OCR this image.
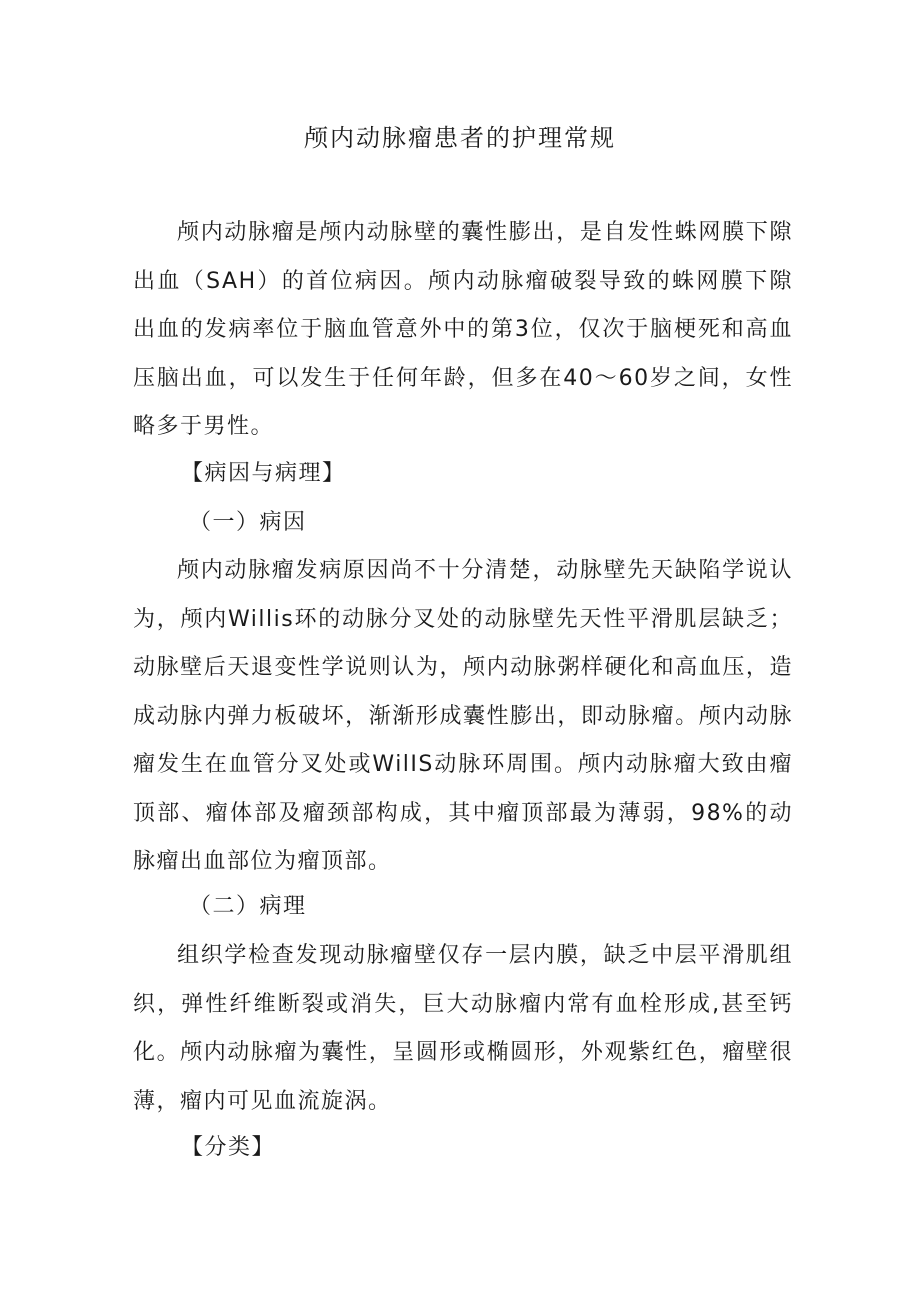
颅内动脉瘤患者的护理常规

颅内动脉瘤是颅内动脉壁的囊性膨出，是自发性蛛网膜下隙出血（SAH）的首位病因。颅内动脉瘤破裂导致的蛛网膜下隙出血的发病率位于脑血管意外中的第3位，仅次于脑梗死和高血压脑出血，可以发生于任何年龄，但多在40～60岁之间，女性略多于男性。

【病因与病理】

（一）病因

颅内动脉瘤发病原因尚不十分清楚，动脉壁先天缺陷学说认为，颅内Willis环的动脉分叉处的动脉壁先天性平滑肌层缺乏；动脉壁后天退变性学说则认为，颅内动脉粥样硬化和高血压，造成动脉内弹力板破坏，渐渐形成囊性膨出，即动脉瘤。颅内动脉瘤发生在血管分叉处或WilIS动脉环周围。颅内动脉瘤大致由瘤顶部、瘤体部及瘤颈部构成，其中瘤顶部最为薄弱，98%的动脉瘤出血部位为瘤顶部。

（二）病理

组织学检查发现动脉瘤壁仅存一层内膜，缺乏中层平滑肌组织，弹性纤维断裂或消失，巨大动脉瘤内常有血栓形成,甚至钙化。颅内动脉瘤为囊性，呈圆形或椭圆形，外观紫红色，瘤壁很薄，瘤内可见血流旋涡。

【分类】
